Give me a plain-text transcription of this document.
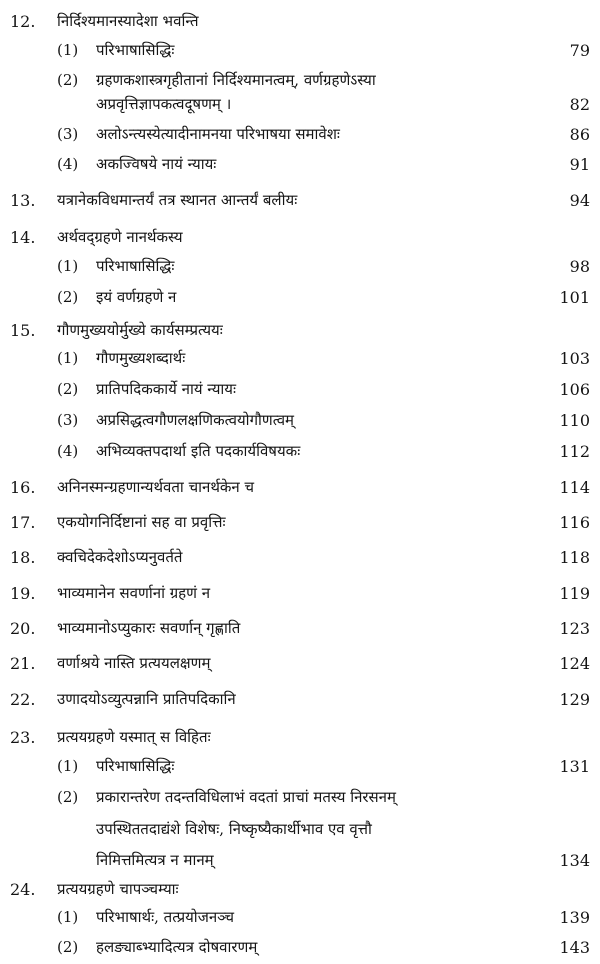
12. निर्दिश्यमानस्यादेशा भवन्ति
(1) परिभाषासिद्धिः	79
(2) ग्रहणकशास्त्रगृहीतानां निर्दिश्यमानत्वम्, वर्णग्रहणेऽस्या
अप्रवृत्तिज्ञापकत्वदूषणम् ।	82
(3) अलोऽन्त्यस्येत्यादीनामनया परिभाषया समावेशः	86
(4) अकज्विषये नायं न्यायः	91
13. यत्रानेकविधमान्तर्यं तत्र स्थानत आन्तर्यं बलीयः	94
14. अर्थवद्ग्रहणे नानर्थकस्य
(1) परिभाषासिद्धिः	98
(2) इयं वर्णग्रहणे न	101
15. गौणमुख्ययोर्मुख्ये कार्यसम्प्रत्ययः
(1) गौणमुख्यशब्दार्थः	103
(2) प्रातिपदिककार्ये नायं न्यायः	106
(3) अप्रसिद्धत्वगौणलक्षणिकत्वयोगौणत्वम्	110
(4) अभिव्यक्तपदार्था इति पदकार्यविषयकः	112
16. अनिनस्मन्ग्रहणान्यर्थवता चानर्थकेन च	114
17. एकयोगनिर्दिष्टानां सह वा प्रवृत्तिः	116
18. क्वचिदेकदेशोऽप्यनुवर्तते	118
19. भाव्यमानेन सवर्णानां ग्रहणं न	119
20. भाव्यमानोऽप्युकारः सवर्णान् गृह्णाति	123
21. वर्णाश्रये नास्ति प्रत्ययलक्षणम्	124
22. उणादयोऽव्युत्पन्नानि प्रातिपदिकानि	129
23. प्रत्ययग्रहणे यस्मात् स विहितः
(1) परिभाषासिद्धिः	131
(2) प्रकारान्तरेण तदन्तविधिलाभं वदतां प्राचां मतस्य निरसनम्
उपस्थिततदाद्यंशे विशेषः, निष्कृष्यैकार्थीभाव एव वृत्तौ
निमित्तमित्यत्र न मानम्	134
24. प्रत्ययग्रहणे चापञ्चम्याः
(1) परिभाषार्थः, तत्प्रयोजनञ्च	139
(2) हलङ्याब्भ्यादित्यत्र दोषवारणम्	143
